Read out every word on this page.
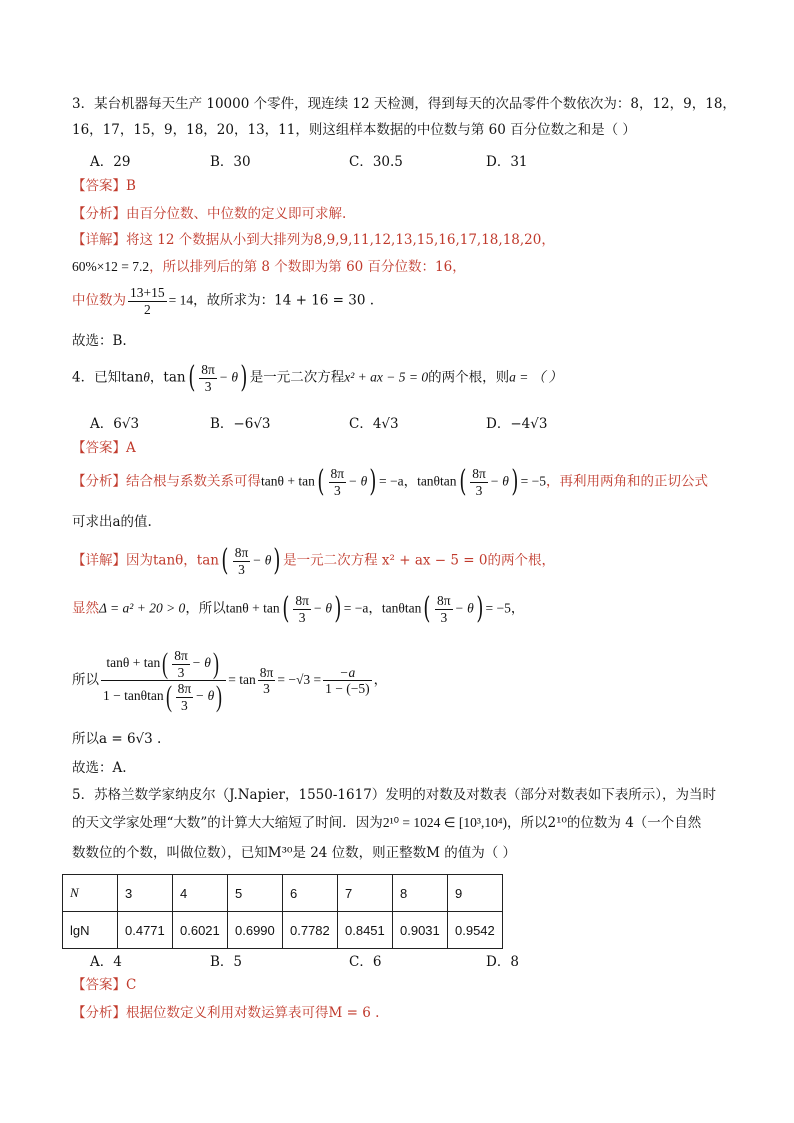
3．某台机器每天生产 10000 个零件，现连续 12 天检测，得到每天的次品零件个数依次为：8，12，9，18，
16，17，15，9，18，20，13，11，则这组样本数据的中位数与第 60 百分位数之和是（ ）
A．29	B．30	C．30.5	D．31
【答案】B
【分析】由百分位数、中位数的定义即可求解.
【详解】将这 12 个数据从小到大排列为8,9,9,11,12,13,15,16,17,18,18,20，
60%×12 = 7.2，所以排列后的第 8 个数即为第 60 百分位数：16，
中位数为 $\frac{13+15}{2} = 14$，故所求为：14 + 16 = 30 .
故选：B.
4．已知tanθ，$\tan( \frac{8\pi}{3} - \theta)$ 是一元二次方程x² + ax − 5 = 0的两个根，则a = （ ）
A．6√3	B．−6√3	C．4√3	D．−4√3
【答案】A
【分析】结合根与系数关系可得$\tan\theta + \tan( \frac{8\pi}{3} - \theta) = -a$，$\tan\theta\tan( \frac{8\pi}{3} - \theta) = -5$，再利用两角和的正切公式
可求出a的值.
【详解】因为tanθ，$\tan( \frac{8\pi}{3} - \theta)$ 是一元二次方程 x² + ax − 5 = 0的两个根，
显然Δ = a² + 20 > 0，所以$\tan\theta + \tan( \frac{8\pi}{3} - \theta) = -a$，$\tan\theta\tan( \frac{8\pi}{3} - \theta) = -5$，
所以 $\frac{\tan\theta + \tan( \frac{8\pi}{3} - \theta)}{1 - \tan\theta\tan( \frac{8\pi}{3} - \theta)} = \tan \frac{8\pi}{3} = -√3 = \frac{-a}{1 - (-5)}$ ，
所以a = 6√3 .
故选：A.
5．苏格兰数学家纳皮尔（J.Napier，1550-1617）发明的对数及对数表（部分对数表如下表所示），为当时
的天文学家处理“大数”的计算大大缩短了时间．因为2¹⁰ = 1024 ∈ [10³,10⁴)，所以2¹⁰的位数为 4（一个自然
数数位的个数，叫做位数），已知M³⁰是 24 位数，则正整数M 的值为（ ）
N	3	4	5	6	7	8	9
lgN	0.4771	0.6021	0.6990	0.7782	0.8451	0.9031	0.9542
A．4	B．5	C．6	D．8
【答案】C
【分析】根据位数定义利用对数运算表可得M = 6 .
